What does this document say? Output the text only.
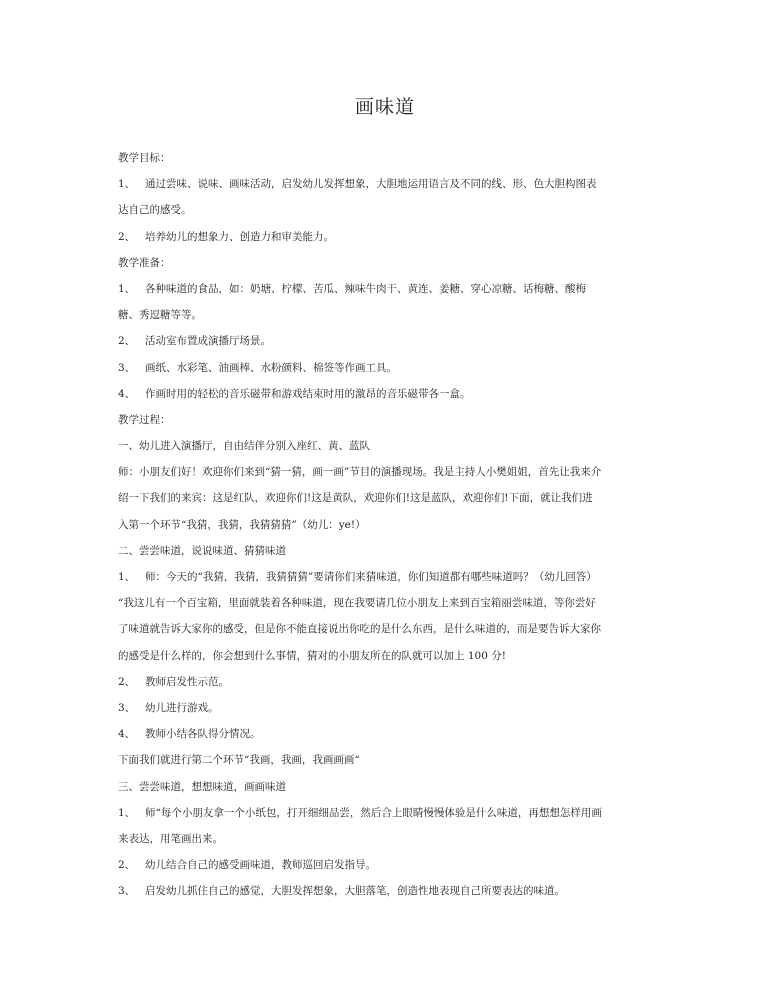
画味道
教学目标：
1、 通过尝味、说味、画味活动，启发幼儿发挥想象，大胆地运用语言及不同的线、形、色大胆构图表
达自己的感受。
2、 培养幼儿的想象力、创造力和审美能力。
教学准备：
1、 各种味道的食品，如：奶塘、柠檬、苦瓜、辣味牛肉干、黄连、姜糖、穿心凉糖、话梅糖、酸梅
糖、秀逗糖等等。
2、 活动室布置成演播厅场景。
3、 画纸、水彩笔、油画棒、水粉颜料、棉签等作画工具。
4、 作画时用的轻松的音乐磁带和游戏结束时用的激昂的音乐磁带各一盒。
教学过程：
一、幼儿进入演播厅，自由结伴分别入座红、黄、蓝队
师：小朋友们好！欢迎你们来到“猜一猜，画一画”节目的演播现场。我是主持人小樊姐姐，首先让我来介
绍一下我们的来宾：这是红队，欢迎你们!这是黄队，欢迎你们!这是蓝队，欢迎你们!下面，就让我们进
入第一个环节“我猜，我猜，我猜猜猜”（幼儿：ye!）
二、尝尝味道，说说味道、猜猜味道
1、 师：今天的“我猜，我猜，我猜猜猜”要请你们来猜味道，你们知道都有哪些味道吗？（幼儿回答）
“我这儿有一个百宝箱，里面就装着各种味道，现在我要请几位小朋友上来到百宝箱丽尝味道，等你尝好
了味道就告诉大家你的感受，但是你不能直接说出你吃的是什么东西，是什么味道的，而是要告诉大家你
的感受是什么样的，你会想到什么事情，猜对的小朋友所在的队就可以加上 100 分!
2、 教师启发性示范。
3、 幼儿进行游戏。
4、 教师小结各队得分情况。
下面我们就进行第二个环节“我画，我画，我画画画“
三、尝尝味道，想想味道，画画味道
1、 师“每个小朋友拿一个小纸包，打开细细品尝，然后合上眼睛慢慢体验是什么味道，再想想怎样用画
来表达，用笔画出来。
2、 幼儿结合自己的感受画味道，教师巡回启发指导。
3、 启发幼儿抓住自己的感觉，大胆发挥想象，大胆落笔，创造性地表现自己所要表达的味道。
